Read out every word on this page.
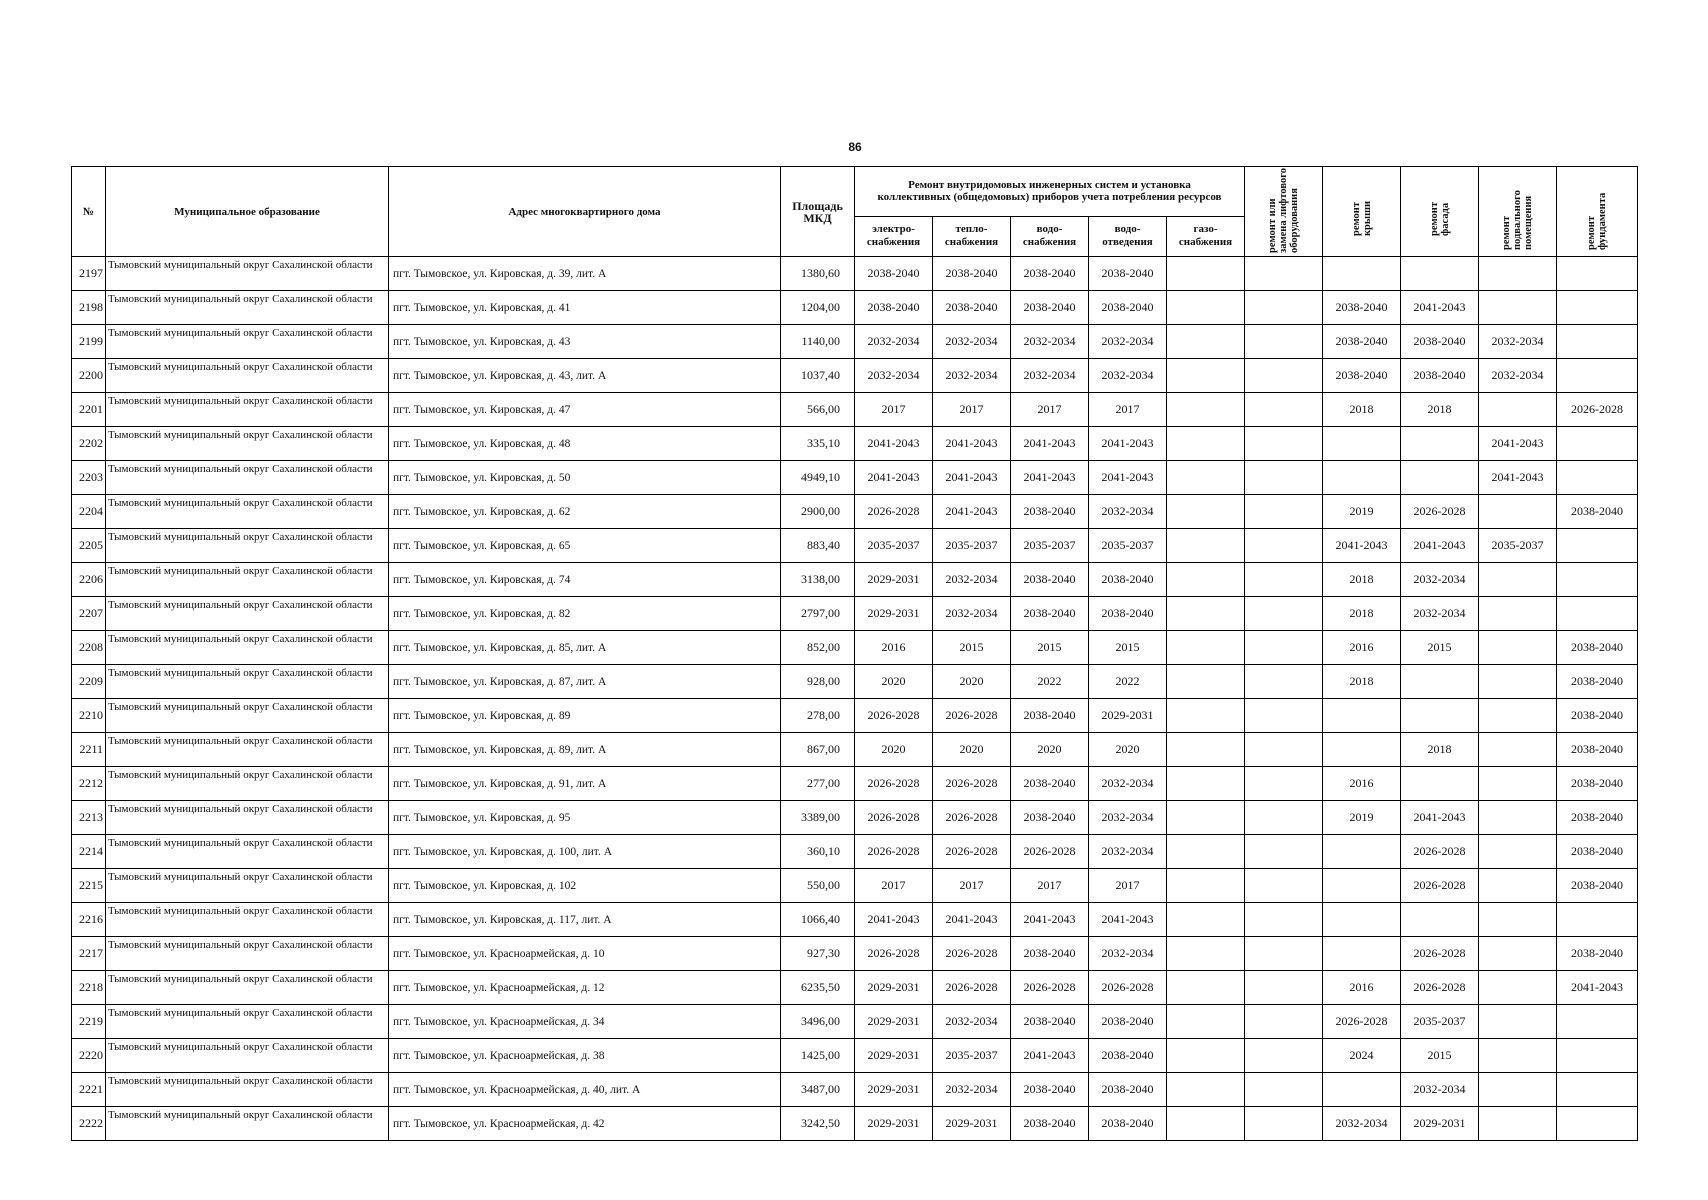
86
№	Муниципальное образование	Адрес многоквартирного дома	Площадь МКД	Ремонт внутридомовых инженерных систем и установка коллективных (общедомовых) приборов учета потребления ресурсов					ремонт или замена лифтового оборудования	ремонт крыши	ремонт фасада	ремонт подвального помещения	ремонт фундамента
				электро- снабжения	тепло- снабжения	водо- снабжения	водо- отведения	газо- снабжения					
2197	Тымовский муниципальный округ Сахалинской области	пгт. Тымовское, ул. Кировская, д. 39, лит. А	1380,60	2038-2040	2038-2040	2038-2040	2038-2040						
2198	Тымовский муниципальный округ Сахалинской области	пгт. Тымовское, ул. Кировская, д. 41	1204,00	2038-2040	2038-2040	2038-2040	2038-2040			2038-2040	2041-2043		
2199	Тымовский муниципальный округ Сахалинской области	пгт. Тымовское, ул. Кировская, д. 43	1140,00	2032-2034	2032-2034	2032-2034	2032-2034			2038-2040	2038-2040	2032-2034	
2200	Тымовский муниципальный округ Сахалинской области	пгт. Тымовское, ул. Кировская, д. 43, лит. А	1037,40	2032-2034	2032-2034	2032-2034	2032-2034			2038-2040	2038-2040	2032-2034	
2201	Тымовский муниципальный округ Сахалинской области	пгт. Тымовское, ул. Кировская, д. 47	566,00	2017	2017	2017	2017			2018	2018		2026-2028
2202	Тымовский муниципальный округ Сахалинской области	пгт. Тымовское, ул. Кировская, д. 48	335,10	2041-2043	2041-2043	2041-2043	2041-2043					2041-2043	
2203	Тымовский муниципальный округ Сахалинской области	пгт. Тымовское, ул. Кировская, д. 50	4949,10	2041-2043	2041-2043	2041-2043	2041-2043					2041-2043	
2204	Тымовский муниципальный округ Сахалинской области	пгт. Тымовское, ул. Кировская, д. 62	2900,00	2026-2028	2041-2043	2038-2040	2032-2034			2019	2026-2028		2038-2040
2205	Тымовский муниципальный округ Сахалинской области	пгт. Тымовское, ул. Кировская, д. 65	883,40	2035-2037	2035-2037	2035-2037	2035-2037			2041-2043	2041-2043	2035-2037	
2206	Тымовский муниципальный округ Сахалинской области	пгт. Тымовское, ул. Кировская, д. 74	3138,00	2029-2031	2032-2034	2038-2040	2038-2040			2018	2032-2034		
2207	Тымовский муниципальный округ Сахалинской области	пгт. Тымовское, ул. Кировская, д. 82	2797,00	2029-2031	2032-2034	2038-2040	2038-2040			2018	2032-2034		
2208	Тымовский муниципальный округ Сахалинской области	пгт. Тымовское, ул. Кировская, д. 85, лит. А	852,00	2016	2015	2015	2015			2016	2015		2038-2040
2209	Тымовский муниципальный округ Сахалинской области	пгт. Тымовское, ул. Кировская, д. 87, лит. А	928,00	2020	2020	2022	2022			2018			2038-2040
2210	Тымовский муниципальный округ Сахалинской области	пгт. Тымовское, ул. Кировская, д. 89	278,00	2026-2028	2026-2028	2038-2040	2029-2031						2038-2040
2211	Тымовский муниципальный округ Сахалинской области	пгт. Тымовское, ул. Кировская, д. 89, лит. А	867,00	2020	2020	2020	2020				2018		2038-2040
2212	Тымовский муниципальный округ Сахалинской области	пгт. Тымовское, ул. Кировская, д. 91, лит. А	277,00	2026-2028	2026-2028	2038-2040	2032-2034			2016			2038-2040
2213	Тымовский муниципальный округ Сахалинской области	пгт. Тымовское, ул. Кировская, д. 95	3389,00	2026-2028	2026-2028	2038-2040	2032-2034			2019	2041-2043		2038-2040
2214	Тымовский муниципальный округ Сахалинской области	пгт. Тымовское, ул. Кировская, д. 100, лит. А	360,10	2026-2028	2026-2028	2026-2028	2032-2034				2026-2028		2038-2040
2215	Тымовский муниципальный округ Сахалинской области	пгт. Тымовское, ул. Кировская, д. 102	550,00	2017	2017	2017	2017				2026-2028		2038-2040
2216	Тымовский муниципальный округ Сахалинской области	пгт. Тымовское, ул. Кировская, д. 117, лит. А	1066,40	2041-2043	2041-2043	2041-2043	2041-2043						
2217	Тымовский муниципальный округ Сахалинской области	пгт. Тымовское, ул. Красноармейская, д. 10	927,30	2026-2028	2026-2028	2038-2040	2032-2034				2026-2028		2038-2040
2218	Тымовский муниципальный округ Сахалинской области	пгт. Тымовское, ул. Красноармейская, д. 12	6235,50	2029-2031	2026-2028	2026-2028	2026-2028			2016	2026-2028		2041-2043
2219	Тымовский муниципальный округ Сахалинской области	пгт. Тымовское, ул. Красноармейская, д. 34	3496,00	2029-2031	2032-2034	2038-2040	2038-2040			2026-2028	2035-2037		
2220	Тымовский муниципальный округ Сахалинской области	пгт. Тымовское, ул. Красноармейская, д. 38	1425,00	2029-2031	2035-2037	2041-2043	2038-2040			2024	2015		
2221	Тымовский муниципальный округ Сахалинской области	пгт. Тымовское, ул. Красноармейская, д. 40, лит. А	3487,00	2029-2031	2032-2034	2038-2040	2038-2040				2032-2034		
2222	Тымовский муниципальный округ Сахалинской области	пгт. Тымовское, ул. Красноармейская, д. 42	3242,50	2029-2031	2029-2031	2038-2040	2038-2040			2032-2034	2029-2031		
